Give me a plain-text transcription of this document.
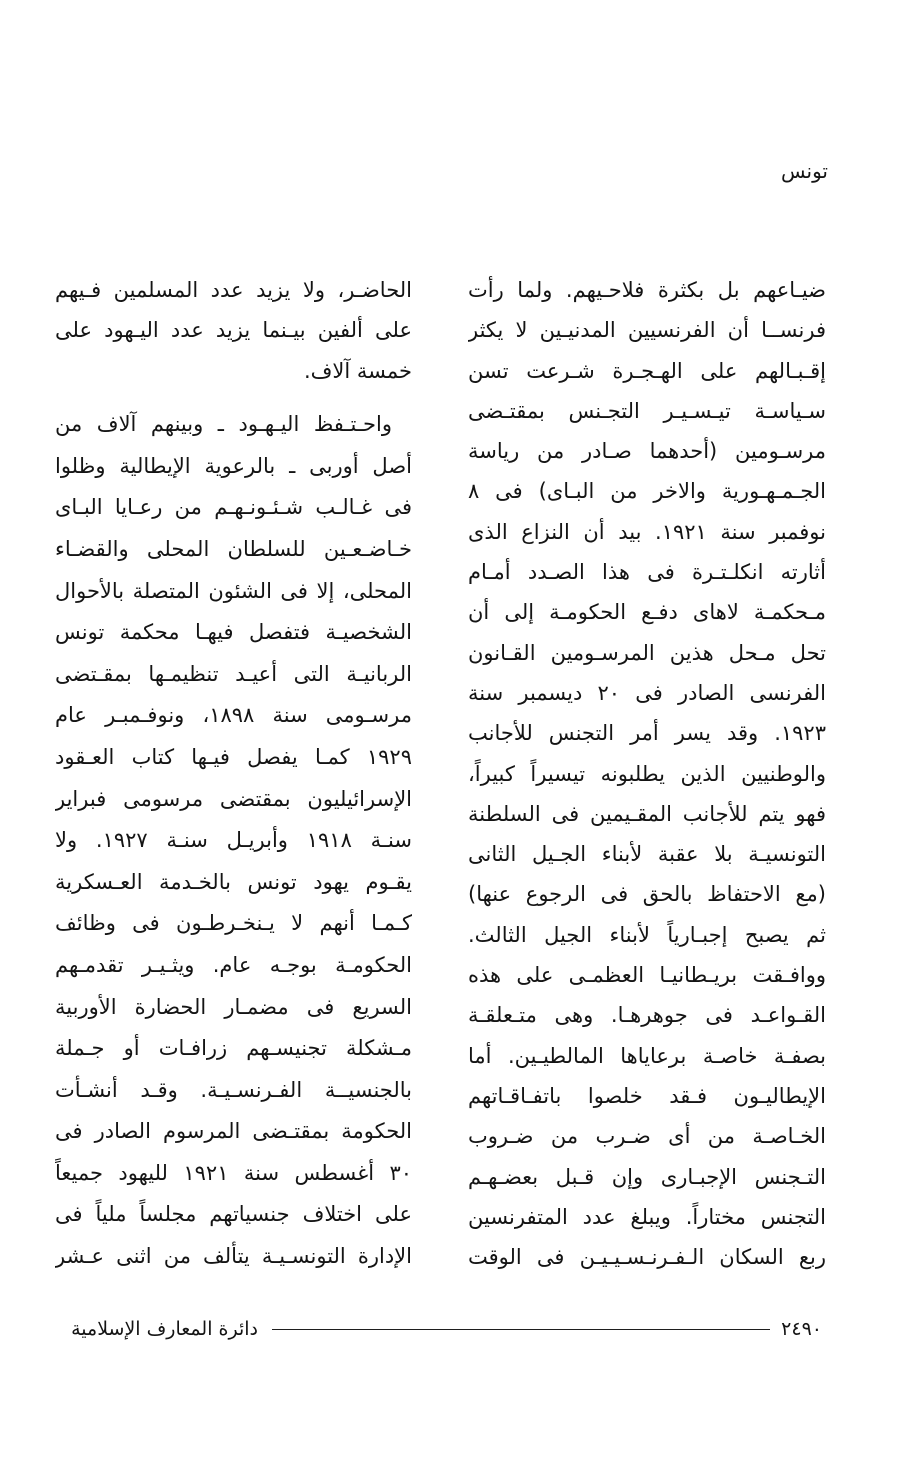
تونس
ضيـاعهم بل بكثرة فلاحـيهم. ولما رأت
فرنســا أن الفرنسيين المدنيـين لا يكثر
إقـبـالهم على الهـجـرة شـرعت تسن
سـياسـة تيـسـيـر التجـنس بمقتـضى
مرسـومين (أحدهما صـادر من رياسة
الجـمـهـورية والاخر من البـاى) فى ٨
نوفمبر سنة ١٩٢١. بيد أن النزاع الذى
أثارته انكلـتـرة فى هذا الصـدد أمـام
مـحكمـة لاهاى دفـع الحكومـة إلى أن
تحل مـحل هذين المرسـومين القـانون
الفرنسى الصادر فى ٢٠ ديسمبر سنة
١٩٢٣. وقد يسر أمر التجنس للأجانب
والوطنيين الذين يطلبونه تيسيراً كبيراً،
فهو يتم للأجانب المقـيمين فى السلطنة
التونسيـة بلا عقبة لأبناء الجـيل الثانى
(مع الاحتفاظ بالحق فى الرجوع عنها)
ثم يصبح إجبـارياً لأبناء الجيل الثالث.
ووافـقت بريـطانيـا العظمـى على هذه
القـواعـد فى جوهرهـا. وهى متـعلقـة
بصفـة خاصـة برعاياها المالطيـين. أما
الإيطاليـون فـقد خلصوا باتفـاقـاتهم
الخـاصـة من أى ضـرب من ضـروب
التـجنس الإجبـارى وإن قـبل بعضـهـم
التجنس مختاراً. ويبلغ عدد المتفرنسين
ربع السكان الـفـرنـسـيـيـن فى الوقت
الحاضـر، ولا يزيد عدد المسلمين فـيهم
على ألفين بيـنما يزيد عدد اليـهود على
خمسة آلاف.
واحـتـفظ اليـهـود ـ وبينهم آلاف من
أصل أوربى ـ بالرعوية الإيطالية وظلوا
فى غـالـب شـئـونـهـم من رعـايا البـاى
خـاضـعـين للسلطان المحلى والقضـاء
المحلى، إلا فى الشئون المتصلة بالأحوال
الشخصيـة فتفصل فيهـا محكمة تونس
الربانيـة التى أعيـد تنظيمـها بمقـتضى
مرسـومى سنة ١٨٩٨، ونوفـمبـر عام
١٩٢٩ كمـا يفصل فيـها كتاب العـقود
الإسرائيليون بمقتضى مرسومى فبراير
سنـة ١٩١٨ وأبريـل سنـة ١٩٢٧. ولا
يقـوم يهود تونس بالخـدمة العـسكرية
كـمـا أنهم لا يـنخـرطـون فى وظائف
الحكومـة بوجـه عام. ويثـيـر تقدمـهم
السريع فى مضمـار الحضارة الأوربية
مـشكلة تجنيسـهم زرافـات أو جـملة
بالجنسيــة الفـرنسـيـة. وقـد أنشـأت
الحكومة بمقتـضى المرسوم الصادر فى
٣٠ أغسطس سنة ١٩٢١ لليهود جميعاً
على اختلاف جنسياتهم مجلساً ملياً فى
الإدارة التونسـيـة يتألف من اثنى عـشر
٢٤٩٠
دائرة المعارف الإسلامية
